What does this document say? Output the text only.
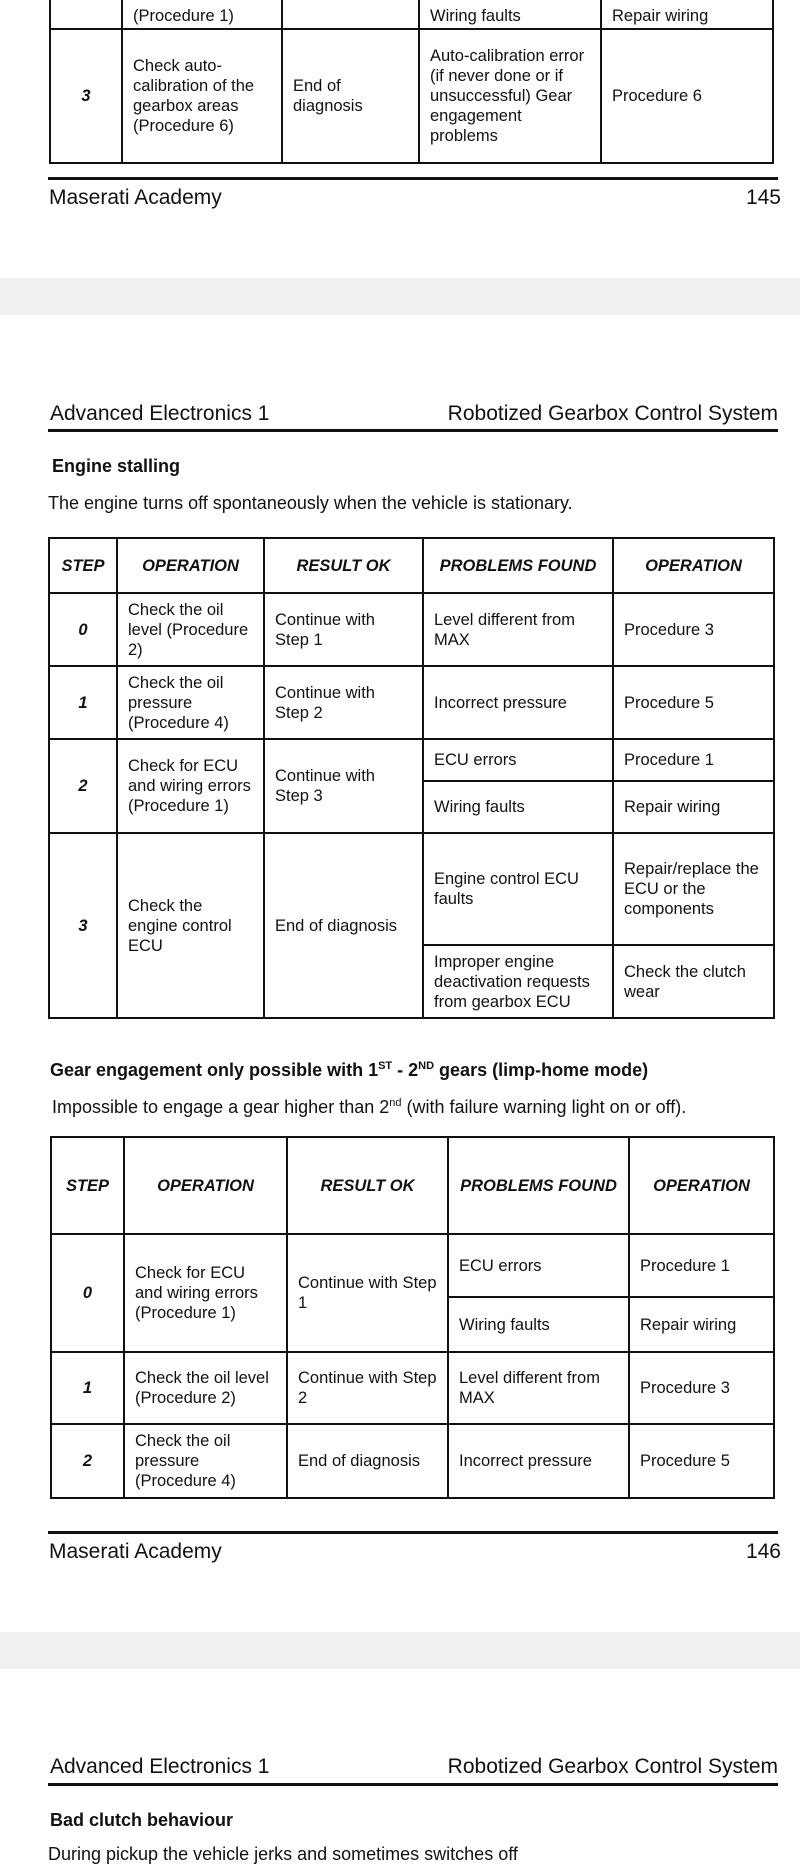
	(Procedure 1)		Wiring faults	Repair wiring
3	Check auto-calibration of the gearbox areas (Procedure 6)	End of diagnosis	Auto-calibration error (if never done or if unsuccessful) Gear engagement problems	Procedure 6
Maserati Academy	145
Advanced Electronics 1	Robotized Gearbox Control System
Engine stalling
The engine turns off spontaneously when the vehicle is stationary.
STEP	OPERATION	RESULT OK	PROBLEMS FOUND	OPERATION
0	Check the oil level (Procedure 2)	Continue with Step 1	Level different from MAX	Procedure 3
1	Check the oil pressure (Procedure 4)	Continue with Step 2	Incorrect pressure	Procedure 5
2	Check for ECU and wiring errors (Procedure 1)	Continue with Step 3	ECU errors	Procedure 1
			Wiring faults	Repair wiring
3	Check the engine control ECU	End of diagnosis	Engine control ECU faults	Repair/replace the ECU or the components
			Improper engine deactivation requests from gearbox ECU	Check the clutch wear
Gear engagement only possible with 1ST - 2ND gears (limp-home mode)
Impossible to engage a gear higher than 2nd (with failure warning light on or off).
STEP	OPERATION	RESULT OK	PROBLEMS FOUND	OPERATION
0	Check for ECU and wiring errors (Procedure 1)	Continue with Step 1	ECU errors	Procedure 1
			Wiring faults	Repair wiring
1	Check the oil level (Procedure 2)	Continue with Step 2	Level different from MAX	Procedure 3
2	Check the oil pressure (Procedure 4)	End of diagnosis	Incorrect pressure	Procedure 5
Maserati Academy	146
Advanced Electronics 1	Robotized Gearbox Control System
Bad clutch behaviour
During pickup the vehicle jerks and sometimes switches off
